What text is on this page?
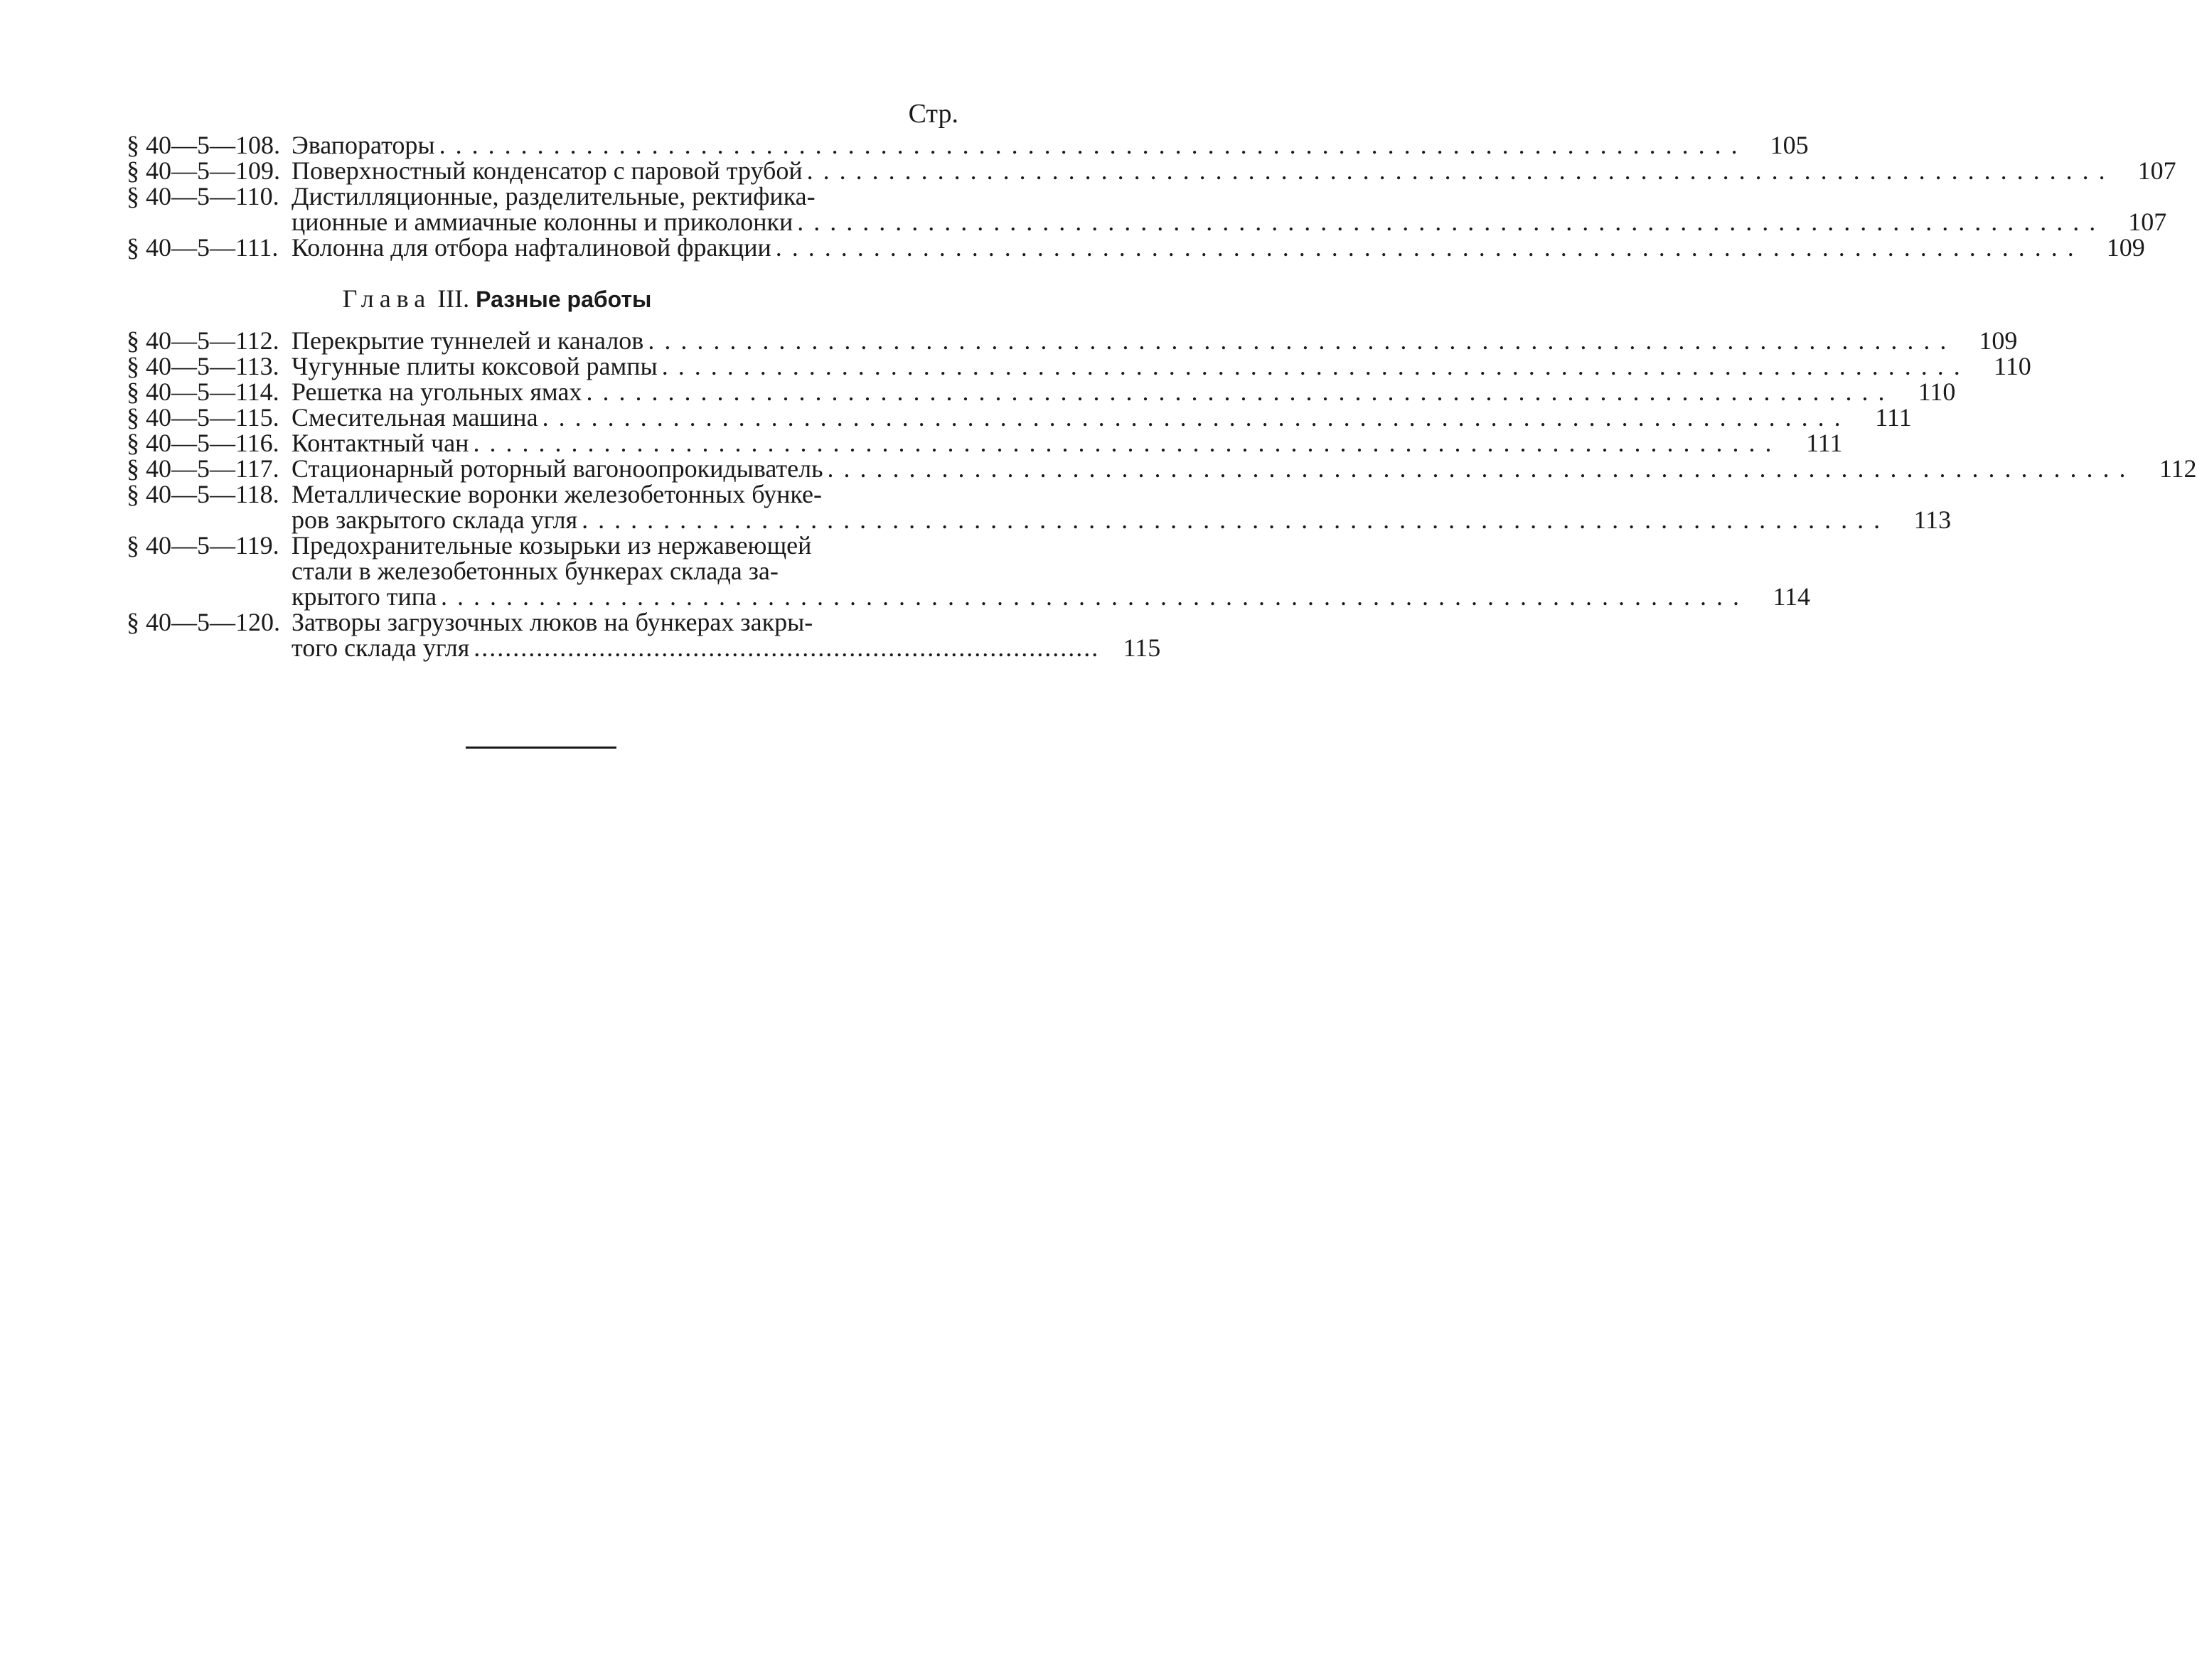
Стр.
§ 40—5—108. Эвапораторы ................................................................................ 105
§ 40—5—109. Поверхностный конденсатор с паровой трубой ................................................................................ 107
§ 40—5—110. Дистилляционные, разделительные, ректифика-
ционные и аммиачные колонны и приколонки ................................................................................ 107
§ 40—5—111. Колонна для отбора нафталиновой фракции ................................................................................ 109
Глава III. Разные работы
§ 40—5—112. Перекрытие туннелей и каналов ................................................................................ 109
§ 40—5—113. Чугунные плиты коксовой рампы ................................................................................ 110
§ 40—5—114. Решетка на угольных ямах ................................................................................ 110
§ 40—5—115. Смесительная машина ................................................................................ 111
§ 40—5—116. Контактный чан ................................................................................ 111
§ 40—5—117. Стационарный роторный вагоноопрокидыватель ................................................................................ 112
§ 40—5—118. Металлические воронки железобетонных бунке-
ров закрытого склада угля ................................................................................ 113
§ 40—5—119. Предохранительные козырьки из нержавеющей
стали в железобетонных бункерах склада за-
крытого типа ................................................................................ 114
§ 40—5—120. Затворы загрузочных люков на бункерах закры-
того склада угля ................................................................................ 115
